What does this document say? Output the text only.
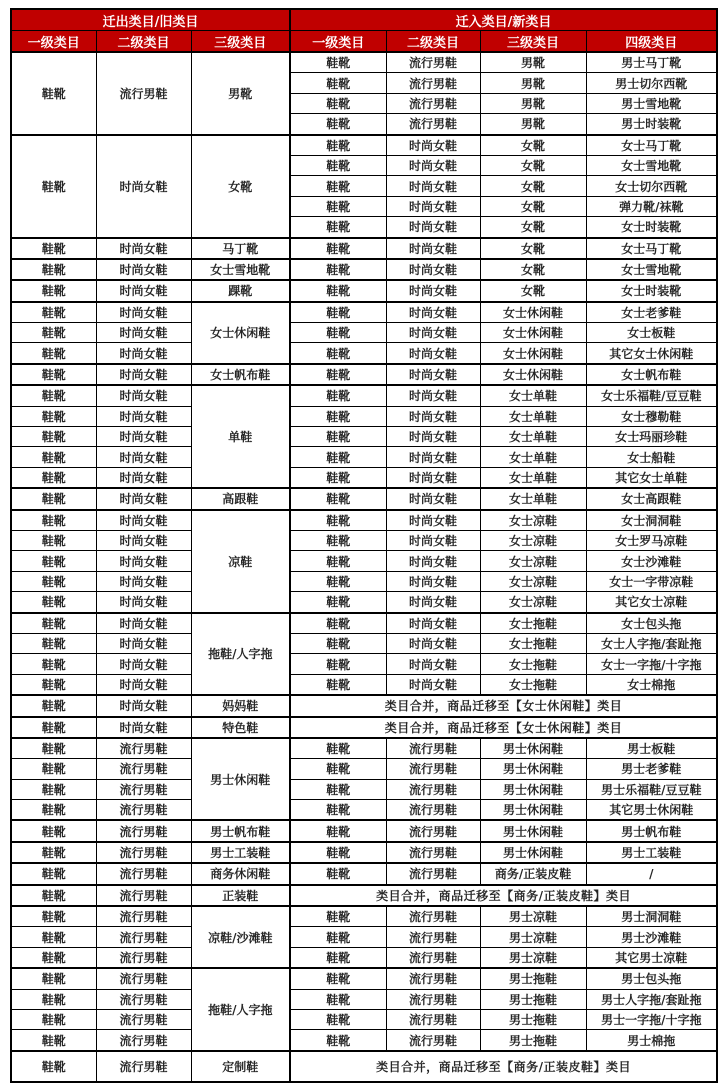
迁出类目/旧类目			迁入类目/新类目			
一级类目	二级类目	三级类目	一级类目	二级类目	三级类目	四级类目
鞋靴	流行男鞋	男靴	鞋靴	流行男鞋	男靴	男士马丁靴
			鞋靴	流行男鞋	男靴	男士切尔西靴
			鞋靴	流行男鞋	男靴	男士雪地靴
			鞋靴	流行男鞋	男靴	男士时装靴
鞋靴	时尚女鞋	女靴	鞋靴	时尚女鞋	女靴	女士马丁靴
			鞋靴	时尚女鞋	女靴	女士雪地靴
			鞋靴	时尚女鞋	女靴	女士切尔西靴
			鞋靴	时尚女鞋	女靴	弹力靴/袜靴
			鞋靴	时尚女鞋	女靴	女士时装靴
鞋靴	时尚女鞋	马丁靴	鞋靴	时尚女鞋	女靴	女士马丁靴
鞋靴	时尚女鞋	女士雪地靴	鞋靴	时尚女鞋	女靴	女士雪地靴
鞋靴	时尚女鞋	踝靴	鞋靴	时尚女鞋	女靴	女士时装靴
鞋靴	时尚女鞋	女士休闲鞋	鞋靴	时尚女鞋	女士休闲鞋	女士老爹鞋
鞋靴	时尚女鞋		鞋靴	时尚女鞋	女士休闲鞋	女士板鞋
鞋靴	时尚女鞋		鞋靴	时尚女鞋	女士休闲鞋	其它女士休闲鞋
鞋靴	时尚女鞋	女士帆布鞋	鞋靴	时尚女鞋	女士休闲鞋	女士帆布鞋
鞋靴	时尚女鞋	单鞋	鞋靴	时尚女鞋	女士单鞋	女士乐福鞋/豆豆鞋
鞋靴	时尚女鞋		鞋靴	时尚女鞋	女士单鞋	女士穆勒鞋
鞋靴	时尚女鞋		鞋靴	时尚女鞋	女士单鞋	女士玛丽珍鞋
鞋靴	时尚女鞋		鞋靴	时尚女鞋	女士单鞋	女士船鞋
鞋靴	时尚女鞋		鞋靴	时尚女鞋	女士单鞋	其它女士单鞋
鞋靴	时尚女鞋	高跟鞋	鞋靴	时尚女鞋	女士单鞋	女士高跟鞋
鞋靴	时尚女鞋	凉鞋	鞋靴	时尚女鞋	女士凉鞋	女士洞洞鞋
鞋靴	时尚女鞋		鞋靴	时尚女鞋	女士凉鞋	女士罗马凉鞋
鞋靴	时尚女鞋		鞋靴	时尚女鞋	女士凉鞋	女士沙滩鞋
鞋靴	时尚女鞋		鞋靴	时尚女鞋	女士凉鞋	女士一字带凉鞋
鞋靴	时尚女鞋		鞋靴	时尚女鞋	女士凉鞋	其它女士凉鞋
鞋靴	时尚女鞋	拖鞋/人字拖	鞋靴	时尚女鞋	女士拖鞋	女士包头拖
鞋靴	时尚女鞋		鞋靴	时尚女鞋	女士拖鞋	女士人字拖/套趾拖
鞋靴	时尚女鞋		鞋靴	时尚女鞋	女士拖鞋	女士一字拖/十字拖
鞋靴	时尚女鞋		鞋靴	时尚女鞋	女士拖鞋	女士棉拖
鞋靴	时尚女鞋	妈妈鞋	类目合并，商品迁移至【女士休闲鞋】类目			
鞋靴	时尚女鞋	特色鞋	类目合并，商品迁移至【女士休闲鞋】类目			
鞋靴	流行男鞋	男士休闲鞋	鞋靴	流行男鞋	男士休闲鞋	男士板鞋
鞋靴	流行男鞋		鞋靴	流行男鞋	男士休闲鞋	男士老爹鞋
鞋靴	流行男鞋		鞋靴	流行男鞋	男士休闲鞋	男士乐福鞋/豆豆鞋
鞋靴	流行男鞋		鞋靴	流行男鞋	男士休闲鞋	其它男士休闲鞋
鞋靴	流行男鞋	男士帆布鞋	鞋靴	流行男鞋	男士休闲鞋	男士帆布鞋
鞋靴	流行男鞋	男士工装鞋	鞋靴	流行男鞋	男士休闲鞋	男士工装鞋
鞋靴	流行男鞋	商务休闲鞋	鞋靴	流行男鞋	商务/正装皮鞋	/
鞋靴	流行男鞋	正装鞋	类目合并，商品迁移至【商务/正装皮鞋】类目			
鞋靴	流行男鞋	凉鞋/沙滩鞋	鞋靴	流行男鞋	男士凉鞋	男士洞洞鞋
鞋靴	流行男鞋		鞋靴	流行男鞋	男士凉鞋	男士沙滩鞋
鞋靴	流行男鞋		鞋靴	流行男鞋	男士凉鞋	其它男士凉鞋
鞋靴	流行男鞋	拖鞋/人字拖	鞋靴	流行男鞋	男士拖鞋	男士包头拖
鞋靴	流行男鞋		鞋靴	流行男鞋	男士拖鞋	男士人字拖/套趾拖
鞋靴	流行男鞋		鞋靴	流行男鞋	男士拖鞋	男士一字拖/十字拖
鞋靴	流行男鞋		鞋靴	流行男鞋	男士拖鞋	男士棉拖
鞋靴	流行男鞋	定制鞋	类目合并，商品迁移至【商务/正装皮鞋】类目			
